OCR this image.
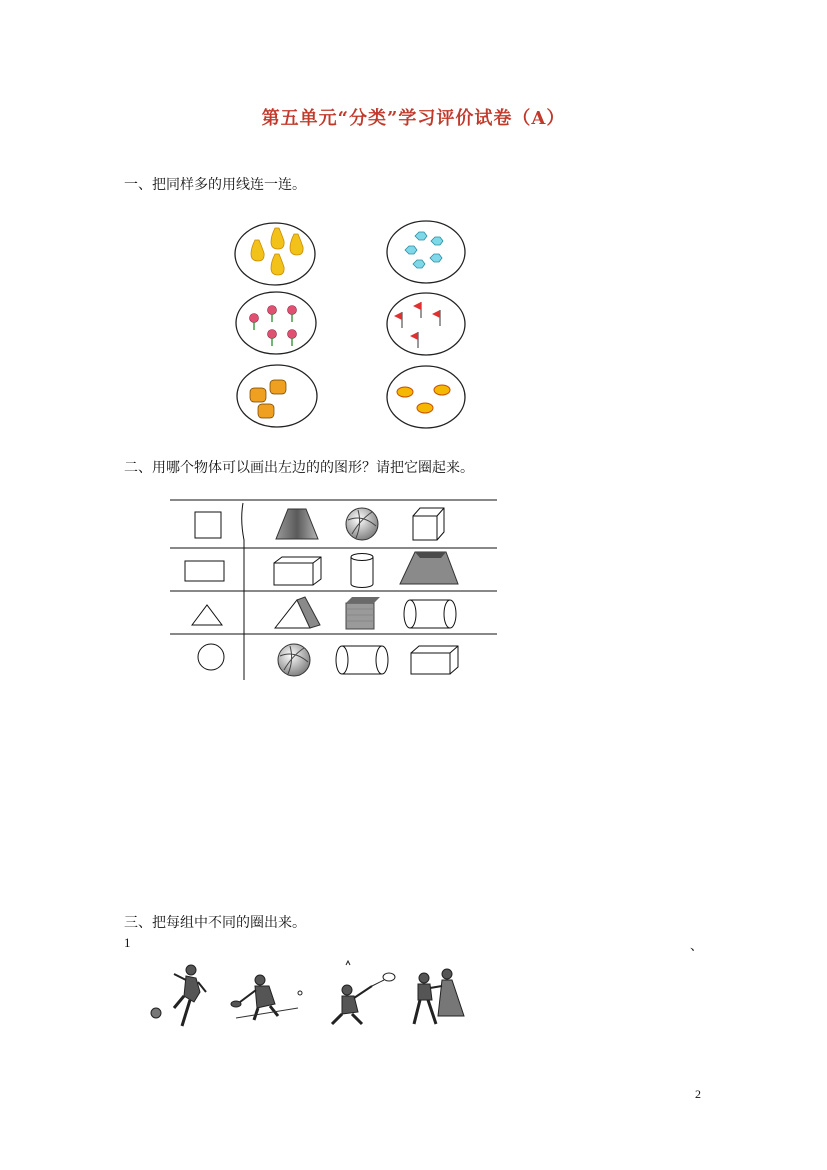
第五单元“分类”学习评价试卷（A）
一、把同样多的用线连一连。
二、用哪个物体可以画出左边的的图形？请把它圈起来。
三、把每组中不同的圈出来。
1	、
2
